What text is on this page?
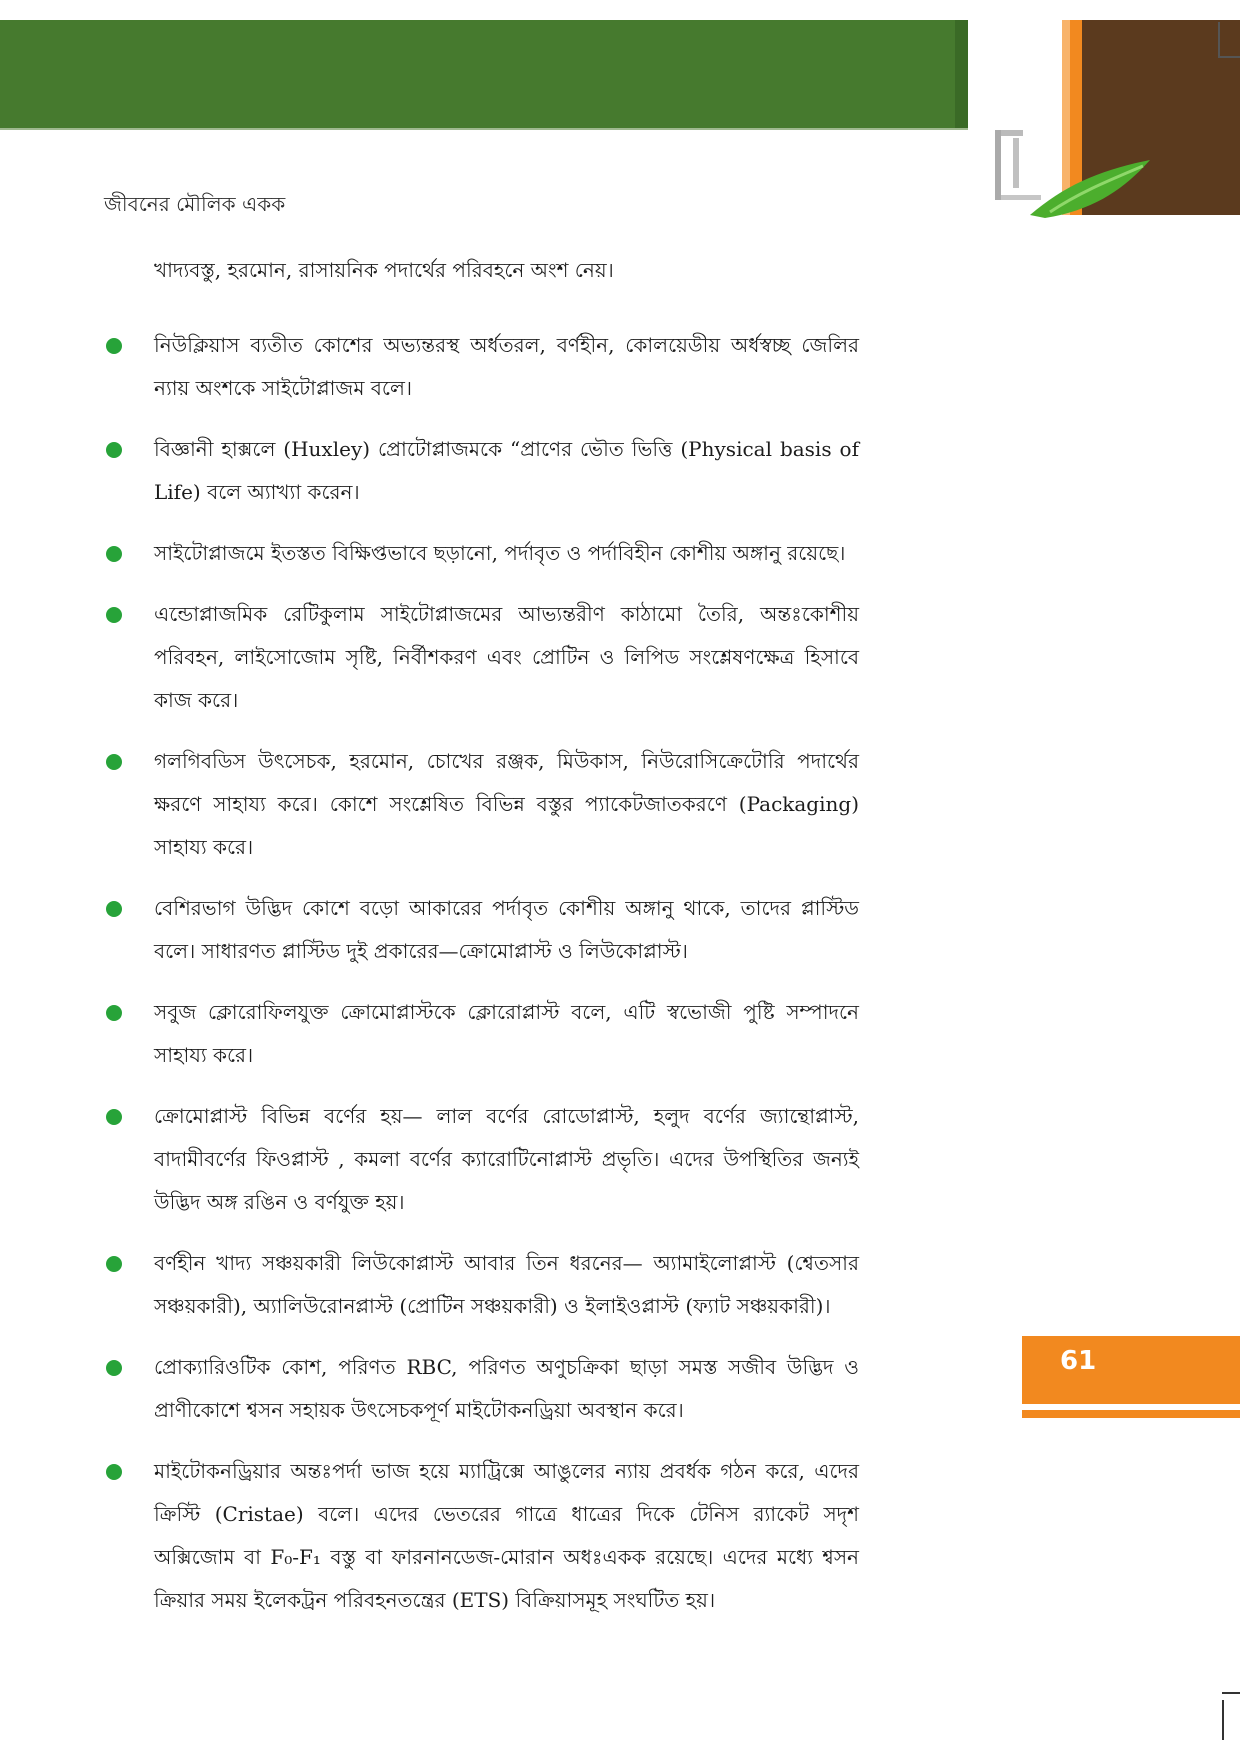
জীবনের মৌলিক একক

খাদ্যবস্তু, হরমোন, রাসায়নিক পদার্থের পরিবহনে অংশ নেয়।

নিউক্লিয়াস ব্যতীত কোশের অভ্যন্তরস্থ অর্ধতরল, বর্ণহীন, কোলয়েডীয় অর্ধস্বচ্ছ জেলির ন্যায় অংশকে সাইটোপ্লাজম বলে।
বিজ্ঞানী হাক্সলে (Huxley) প্রোটোপ্লাজমকে “প্রাণের ভৌত ভিত্তি (Physical basis of Life) বলে অ্যাখ্যা করেন।
সাইটোপ্লাজমে ইতস্তত বিক্ষিপ্তভাবে ছড়ানো, পর্দাবৃত ও পর্দাবিহীন কোশীয় অঙ্গানু রয়েছে।
এন্ডোপ্লাজমিক রেটিকুলাম সাইটোপ্লাজমের আভ্যন্তরীণ কাঠামো তৈরি, অন্তঃকোশীয় পরিবহন, লাইসোজোম সৃষ্টি, নির্বীশকরণ এবং প্রোটিন ও লিপিড সংশ্লেষণক্ষেত্র হিসাবে কাজ করে।
গলগিবডিস উৎসেচক, হরমোন, চোখের রঞ্জক, মিউকাস, নিউরোসিক্রেটোরি পদার্থের ক্ষরণে সাহায্য করে। কোশে সংশ্লেষিত বিভিন্ন বস্তুর প্যাকেটজাতকরণে (Packaging) সাহায্য করে।
বেশিরভাগ উদ্ভিদ কোশে বড়ো আকারের পর্দাবৃত কোশীয় অঙ্গানু থাকে, তাদের প্লাস্টিড বলে। সাধারণত প্লাস্টিড দুই প্রকারের—ক্রোমোপ্লাস্ট ও লিউকোপ্লাস্ট।
সবুজ ক্লোরোফিলযুক্ত ক্রোমোপ্লাস্টকে ক্লোরোপ্লাস্ট বলে, এটি স্বভোজী পুষ্টি সম্পাদনে সাহায্য করে।
ক্রোমোপ্লাস্ট বিভিন্ন বর্ণের হয়— লাল বর্ণের রোডোপ্লাস্ট, হলুদ বর্ণের জ্যান্থোপ্লাস্ট, বাদামীবর্ণের ফিওপ্লাস্ট , কমলা বর্ণের ক্যারোটিনোপ্লাস্ট প্রভৃতি। এদের উপস্থিতির জন্যই উদ্ভিদ অঙ্গ রঙিন ও বর্ণযুক্ত হয়।
বর্ণহীন খাদ্য সঞ্চয়কারী লিউকোপ্লাস্ট আবার তিন ধরনের— অ্যামাইলোপ্লাস্ট (শ্বেতসার সঞ্চয়কারী), অ্যালিউরোনপ্লাস্ট (প্রোটিন সঞ্চয়কারী) ও ইলাইওপ্লাস্ট (ফ্যাট সঞ্চয়কারী)।
প্রোক্যারিওটিক কোশ, পরিণত RBC, পরিণত অণুচক্রিকা ছাড়া সমস্ত সজীব উদ্ভিদ ও প্রাণীকোশে শ্বসন সহায়ক উৎসেচকপূর্ণ মাইটোকনড্রিয়া অবস্থান করে।
মাইটোকনড্রিয়ার অন্তঃপর্দা ভাজ হয়ে ম্যাট্রিক্সে আঙুলের ন্যায় প্রবর্ধক গঠন করে, এদের ক্রিস্টি (Cristae) বলে। এদের ভেতরের গাত্রে ধাত্রের দিকে টেনিস র‍্যাকেট সদৃশ অক্সিজোম বা F₀-F₁ বস্তু বা ফারনানডেজ-মোরান অধঃএকক রয়েছে। এদের মধ্যে শ্বসন ক্রিয়ার সময় ইলেকট্রন পরিবহনতন্ত্রের (ETS) বিক্রিয়াসমূহ সংঘটিত হয়।
61
